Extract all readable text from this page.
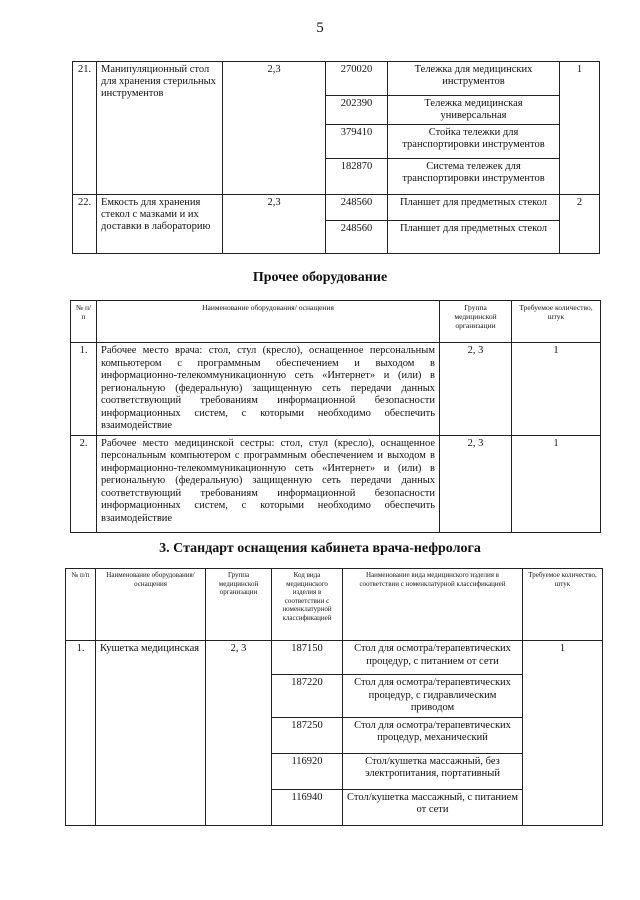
5
21.	Манипуляционный стол для хранения стерильных инструментов	2,3	270020	Тележка для медицинских инструментов	1
			202390	Тележка медицинская универсальная	
			379410	Стойка тележки для транспортировки инструментов	
			182870	Система тележек для транспортировки инструментов	
22.	Емкость для хранения стекол с мазками и их доставки в лабораторию	2,3	248560	Планшет для предметных стекол	2
			248560	Планшет для предметных стекол	
Прочее оборудование
№ п/п	Наименование оборудования/ оснащения	Группа медицинской организации	Требуемое количество, штук
1.	Рабочее место врача: стол, стул (кресло), оснащенное персональным компьютером с программным обеспечением и выходом в информационно-телекоммуникационную сеть «Интернет» и (или) в региональную (федеральную) защищенную сеть передачи данных соответствующий требованиям информационной безопасности информационных систем, с которыми необходимо обеспечить взаимодействие	2, 3	1
2.	Рабочее место медицинской сестры: стол, стул (кресло), оснащенное персональным компьютером с программным обеспечением и выходом в информационно-телекоммуникационную сеть «Интернет» и (или) в региональную (федеральную) защищенную сеть передачи данных соответствующий требованиям информационной безопасности информационных систем, с которыми необходимо обеспечить взаимодействие	2, 3	1
3. Стандарт оснащения кабинета врача-нефролога
№ п/п	Наименование оборудования/ оснащения	Группа медицинской организации	Код вида медицинского изделия в соответствии с номенклатурной классификацией	Наименование вида медицинского изделия в соответствии с номенклатурной классификацией	Требуемое количество, штук
1.	Кушетка медицинская	2, 3	187150	Стол для осмотра/терапевтических процедур, с питанием от сети	1
			187220	Стол для осмотра/терапевтических процедур, с гидравлическим приводом	
			187250	Стол для осмотра/терапевтических процедур, механический	
			116920	Стол/кушетка массажный, без электропитания, портативный	
			116940	Стол/кушетка массажный, с питанием от сети	
